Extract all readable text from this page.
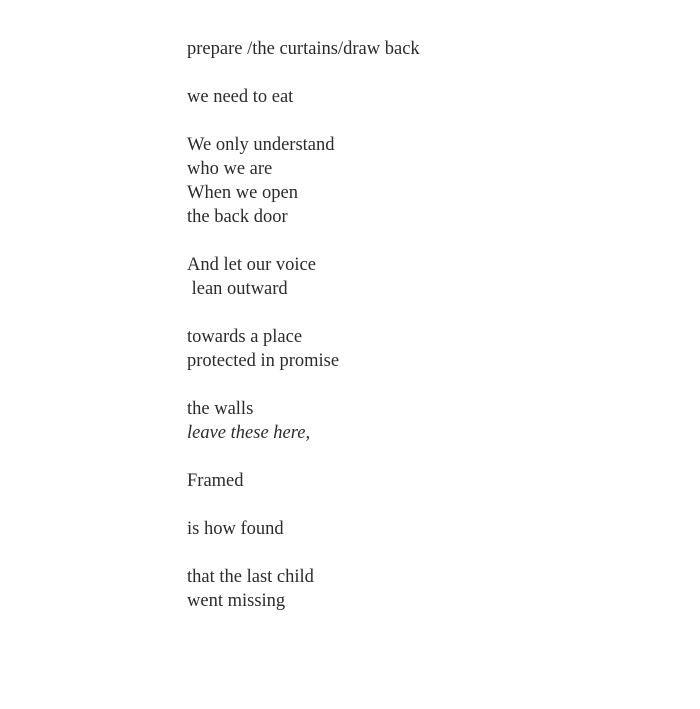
prepare /the curtains/draw back
we need to eat
We only understand
who we are
When we open
the back door
And let our voice
lean outward
towards a place
protected in promise
the walls
leave these here,
Framed
is how found
that the last child
went missing
